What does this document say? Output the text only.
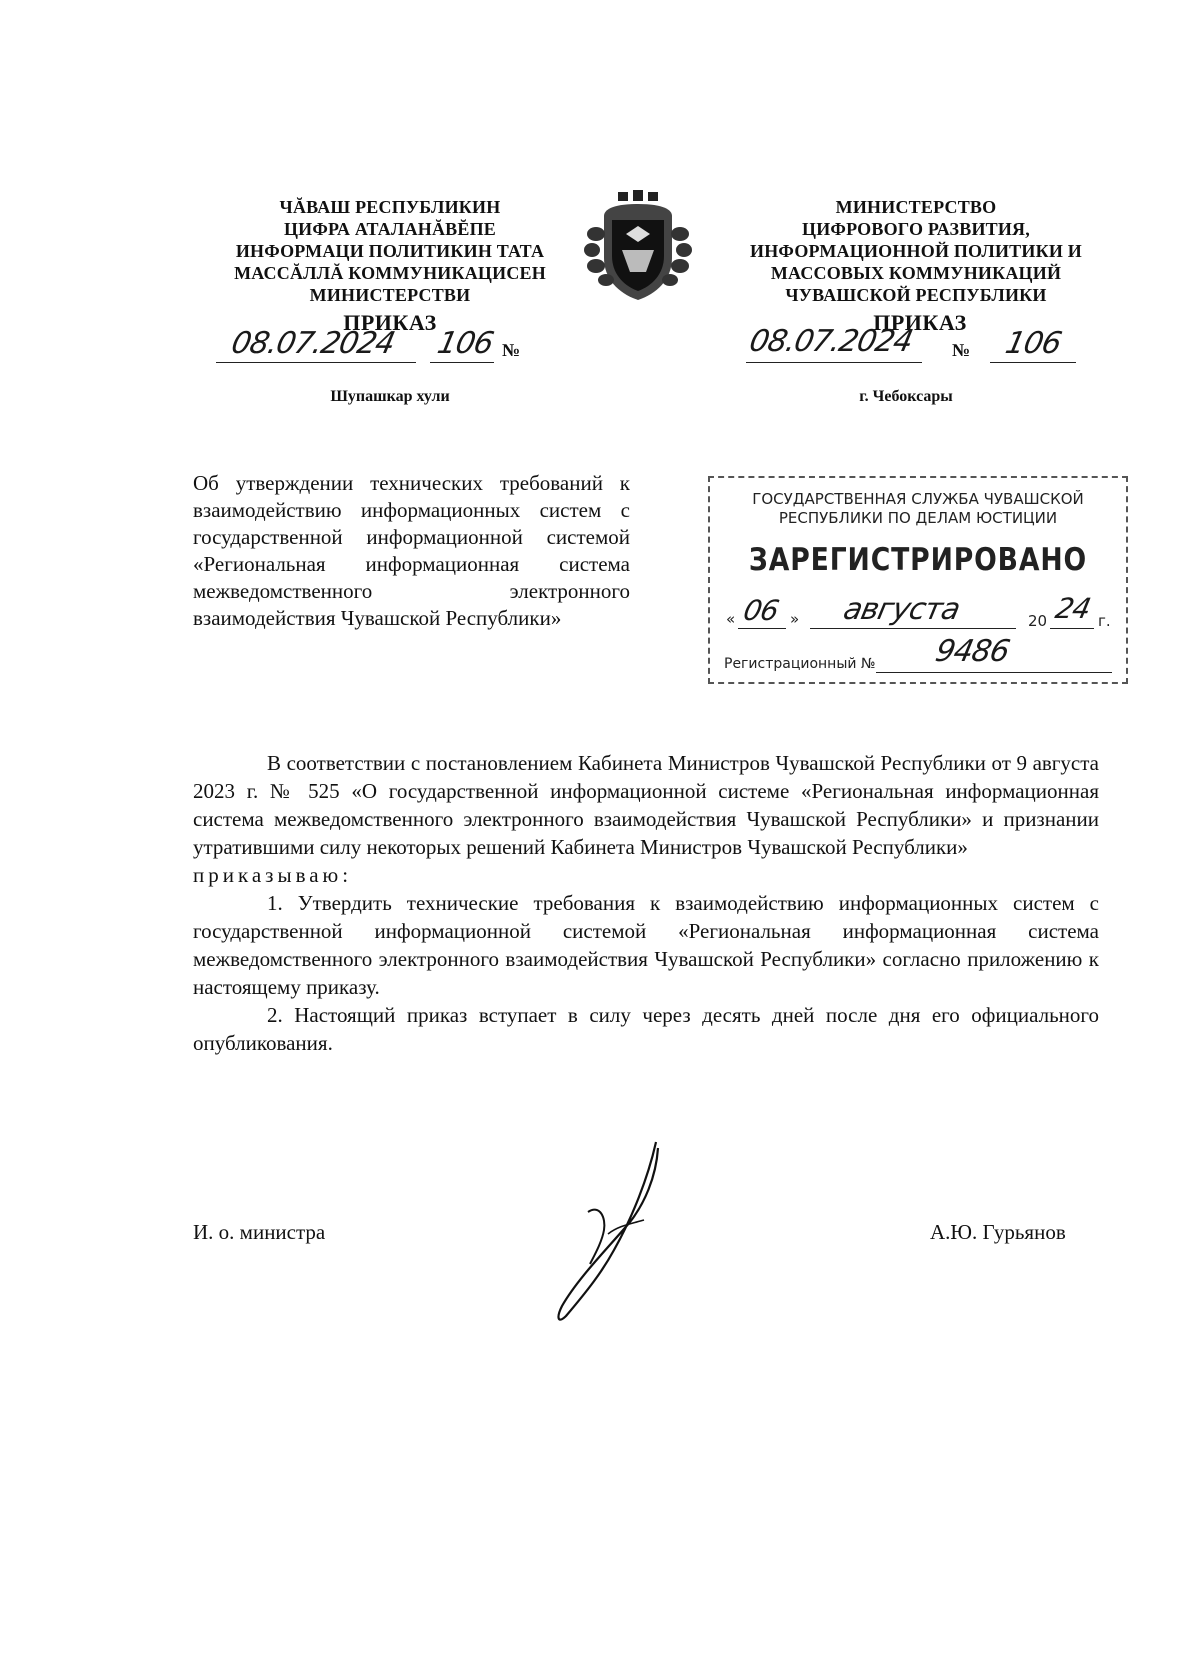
ЧĂВАШ РЕСПУБЛИКИН
ЦИФРА АТАЛАНĂВĔПЕ
ИНФОРМАЦИ ПОЛИТИКИН ТАТА
МАССĂЛЛĂ КОММУНИКАЦИСЕН
МИНИСТЕРСТВИ
МИНИСТЕРСТВО
ЦИФРОВОГО РАЗВИТИЯ,
ИНФОРМАЦИОННОЙ ПОЛИТИКИ И
МАССОВЫХ КОММУНИКАЦИЙ
ЧУВАШСКОЙ РЕСПУБЛИКИ
ПРИКАЗ	ПРИКАЗ
08.07.2024 106 №	08.07.2024 № 106
Шупашкар хули	г. Чебоксары
Об утверждении технических требований к взаимодействию информационных систем с государственной информационной системой «Региональная информационная система межведомственного электронного взаимодействия Чувашской Республики»
ГОСУДАРСТВЕННАЯ СЛУЖБА ЧУВАШСКОЙ
РЕСПУБЛИКИ ПО ДЕЛАМ ЮСТИЦИИ
ЗАРЕГИСТРИРОВАНО
« 06 » августа	20 24 г.
Регистрационный № 9486

В соответствии с постановлением Кабинета Министров Чувашской Республики от 9 августа 2023 г. № 525 «О государственной информационной системе «Региональная информационная система межведомственного электронного взаимодействия Чувашской Республики» и признании утратившими силу некоторых решений Кабинета Министров Чувашской Республики»

приказываю:

1. Утвердить технические требования к взаимодействию информационных систем с государственной информационной системой «Региональная информационная система межведомственного электронного взаимодействия Чувашской Республики» согласно приложению к настоящему приказу.

2. Настоящий приказ вступает в силу через десять дней после дня его официального опубликования.

И. о. министра	А.Ю. Гурьянов
